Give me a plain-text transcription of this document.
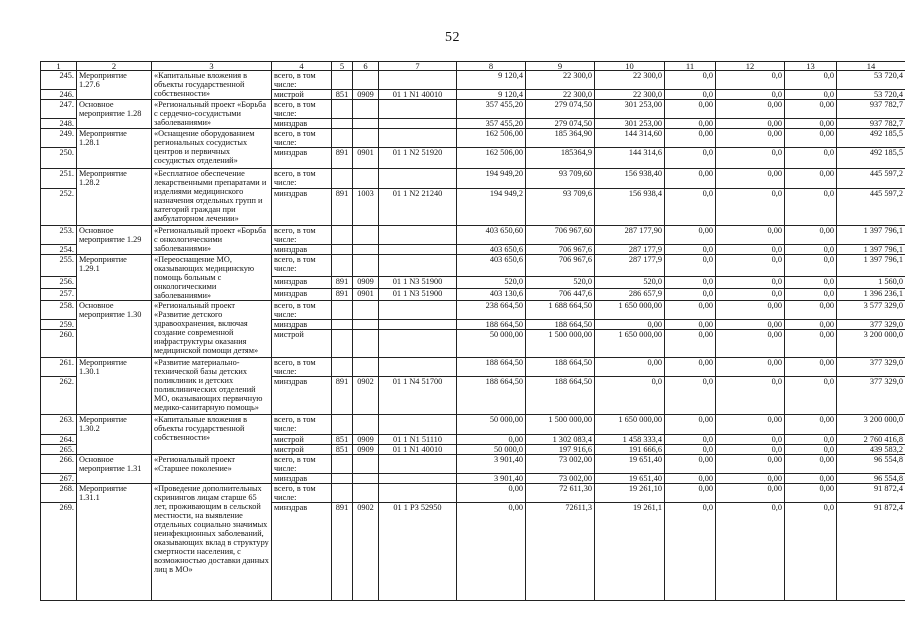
52
1	2	3	4	5	6	7	8	9	10	11	12	13	14
245.	Мероприятие 1.27.6	«Капитальные вложения в объекты государственной собственности»	всего, в том числе:				9 120,4	22 300,0	22 300,0	0,0	0,0	0,0	53 720,4
246.			мистрой	851	0909	01 1 N1 40010	9 120,4	22 300,0	22 300,0	0,0	0,0	0,0	53 720,4
247.	Основное мероприятие 1.28	«Региональный проект «Борьба с сердечно-сосудистыми заболеваниями»	всего, в том числе:				357 455,20	279 074,50	301 253,00	0,00	0,00	0,00	937 782,7
248.			минздрав				357 455,20	279 074,50	301 253,00	0,00	0,00	0,00	937 782,7
249.	Мероприятие 1.28.1	«Оснащение оборудованием региональных сосудистых центров и первичных сосудистых отделений»	всего, в том числе:				162 506,00	185 364,90	144 314,60	0,00	0,00	0,00	492 185,5
250.			минздрав	891	0901	01 1 N2 51920	162 506,00	185364,9	144 314,6	0,0	0,0	0,0	492 185,5
251.	Мероприятие 1.28.2	«Бесплатное обеспечение лекарственными препаратами и изделиями медицинского назначения отдельных групп и категорий граждан при амбулаторном лечении»	всего, в том числе:				194 949,20	93 709,60	156 938,40	0,00	0,00	0,00	445 597,2
252.			минздрав	891	1003	01 1 N2 21240	194 949,2	93 709,6	156 938,4	0,0	0,0	0,0	445 597,2
253.	Основное мероприятие 1.29	«Региональный проект «Борьба с онкологическими заболеваниями»	всего, в том числе:				403 650,60	706 967,60	287 177,90	0,00	0,00	0,00	1 397 796,1
254.			минздрав				403 650,6	706 967,6	287 177,9	0,0	0,0	0,0	1 397 796,1
255.	Мероприятие 1.29.1	«Переоснащение МО, оказывающих медицинскую помощь больным с онкологическими заболеваниями»	всего, в том числе:				403 650,6	706 967,6	287 177,9	0,0	0,0	0,0	1 397 796,1
256.			минздрав	891	0909	01 1 N3 51900	520,0	520,0	520,0	0,0	0,0	0,0	1 560,0
257.			минздрав	891	0901	01 1 N3 51900	403 130,6	706 447,6	286 657,9	0,0	0,0	0,0	1 396 236,1
258.	Основное мероприятие 1.30	«Региональный проект «Развитие детского здравоохранения, включая создание современной инфраструктуры оказания медицинской помощи детям»	всего, в том числе:				238 664,50	1 688 664,50	1 650 000,00	0,00	0,00	0,00	3 577 329,0
259.			минздрав				188 664,50	188 664,50	0,00	0,00	0,00	0,00	377 329,0
260.			мистрой				50 000,00	1 500 000,00	1 650 000,00	0,00	0,00	0,00	3 200 000,0
261.	Мероприятие 1.30.1	«Развитие материально-технической базы детских поликлиник и детских поликлинических отделений МО, оказывающих первичную медико-санитарную помощь»	всего, в том числе:				188 664,50	188 664,50	0,00	0,00	0,00	0,00	377 329,0
262.			минздрав	891	0902	01 1 N4 51700	188 664,50	188 664,50	0,0	0,0	0,0	0,0	377 329,0
263.	Мероприятие 1.30.2	«Капитальные вложения в объекты государственной собственности»	всего, в том числе:				50 000,00	1 500 000,00	1 650 000,00	0,00	0,00	0,00	3 200 000,0
264.			мистрой	851	0909	01 1 N1 51110	0,00	1 302 083,4	1 458 333,4	0,0	0,0	0,0	2 760 416,8
265.			мистрой	851	0909	01 1 N1 40010	50 000,0	197 916,6	191 666,6	0,0	0,0	0,0	439 583,2
266.	Основное мероприятие 1.31	«Региональный проект «Старшее поколение»	всего, в том числе:				3 901,40	73 002,00	19 651,40	0,00	0,00	0,00	96 554,8
267.			минздрав				3 901,40	73 002,00	19 651,40	0,00	0,00	0,00	96 554,8
268.	Мероприятие 1.31.1	«Проведение дополнительных скринингов лицам старше 65 лет, проживающим в сельской местности, на выявление отдельных социально значимых неинфекционных заболеваний, оказывающих вклад в структуру смертности населения, с возможностью доставки данных лиц в МО»	всего, в том числе:				0,00	72 611,30	19 261,10	0,00	0,00	0,00	91 872,4
269.			минздрав	891	0902	01 1 P3 52950	0,00	72611,3	19 261,1	0,0	0,0	0,0	91 872,4
